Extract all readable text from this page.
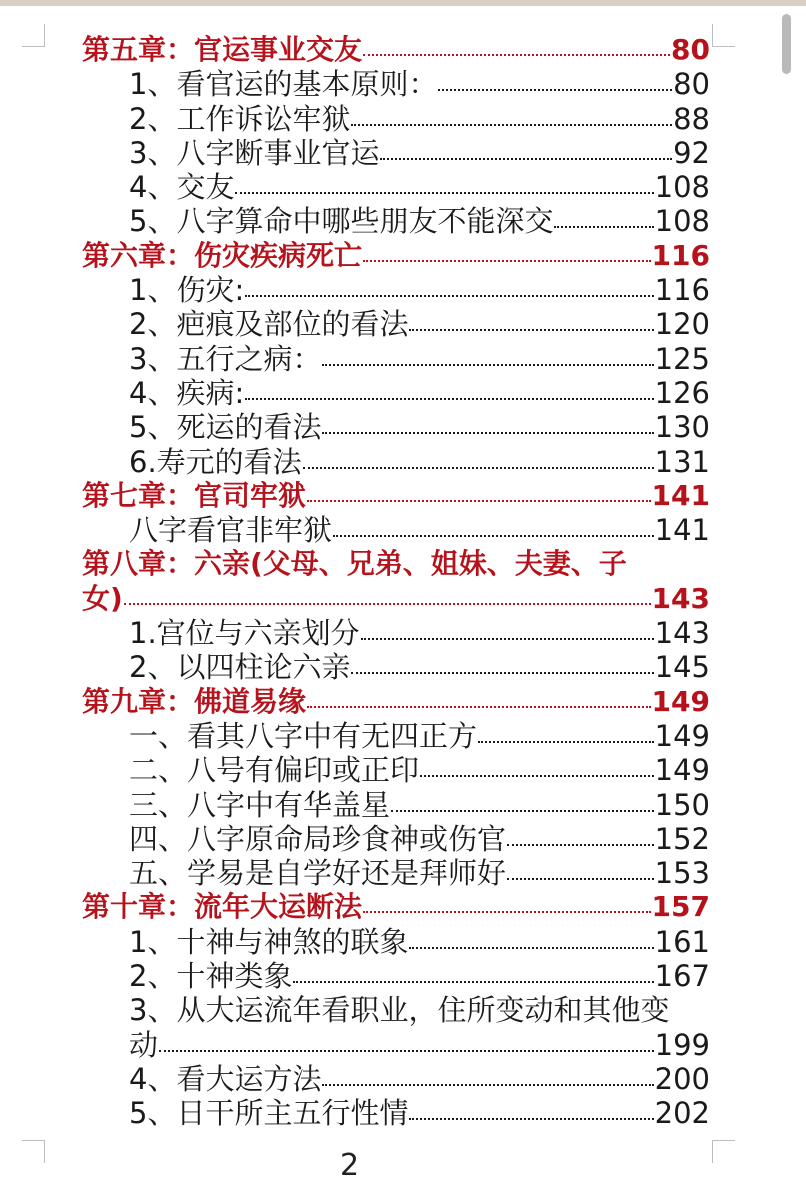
第五章：官运事业交友	80
1、看官运的基本原则：	80
2、工作诉讼牢狱	88
3、八字断事业官运	92
4、交友	108
5、八字算命中哪些朋友不能深交	108
第六章：伤灾疾病死亡	116
1、伤灾:	116
2、疤痕及部位的看法	120
3、五行之病：	125
4、疾病:	126
5、死运的看法	130
6.寿元的看法	131
第七章：官司牢狱	141
八字看官非牢狱	141
第八章：六亲(父母、兄弟、姐妹、夫妻、子
女)	143
1.宫位与六亲划分	143
2、以四柱论六亲	145
第九章：佛道易缘	149
一、看其八字中有无四正方	149
二、八号有偏印或正印	149
三、八字中有华盖星	150
四、八字原命局珍食神或伤官	152
五、学易是自学好还是拜师好	153
第十章：流年大运断法	157
1、十神与神煞的联象	161
2、十神类象	167
3、从大运流年看职业，住所变动和其他变
动	199
4、看大运方法	200
5、日干所主五行性情	202
2
